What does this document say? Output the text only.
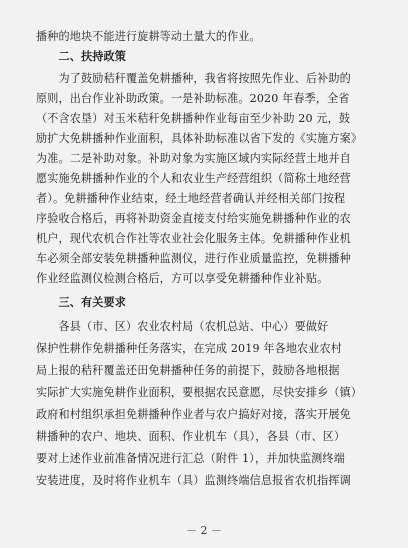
播种的地块不能进行旋耕等动土量大的作业。
　　二、扶持政策
　　为了鼓励秸秆覆盖免耕播种，我省将按照先作业、后补助的
原则，出台作业补助政策。一是补助标准。2020 年春季，全省
（不含农垦）对玉米秸秆免耕播种作业每亩至少补助 20 元，鼓
励扩大免耕播种作业面积，具体补助标准以省下发的《实施方案》
为准。二是补助对象。补助对象为实施区域内实际经营土地并自
愿实施免耕播种作业的个人和农业生产经营组织（简称土地经营
者）。免耕播种作业结束，经土地经营者确认并经相关部门按程
序验收合格后，再将补助资金直接支付给实施免耕播种作业的农
机户，现代农机合作社等农业社会化服务主体。免耕播种作业机
车必须全部安装免耕播种监测仪，进行作业质量监控，免耕播种
作业经监测仪检测合格后，方可以享受免耕播种作业补贴。
　　三、有关要求
　　各县（市、区）农业农村局（农机总站、中心）要做好
保护性耕作免耕播种任务落实，在完成 2019 年各地农业农村
局上报的秸秆覆盖还田免耕播种任务的前提下，鼓励各地根据
实际扩大实施免耕作业面积，要根据农民意愿，尽快安排乡（镇）
政府和村组织承担免耕播种作业者与农户搞好对接，落实开展免
耕播种的农户、地块、面积、作业机车（具），各县（市、区）
要对上述作业前准备情况进行汇总（附件 1），并加快监测终端
安装进度，及时将作业机车（具）监测终端信息报省农机指挥调
－ 2 －
